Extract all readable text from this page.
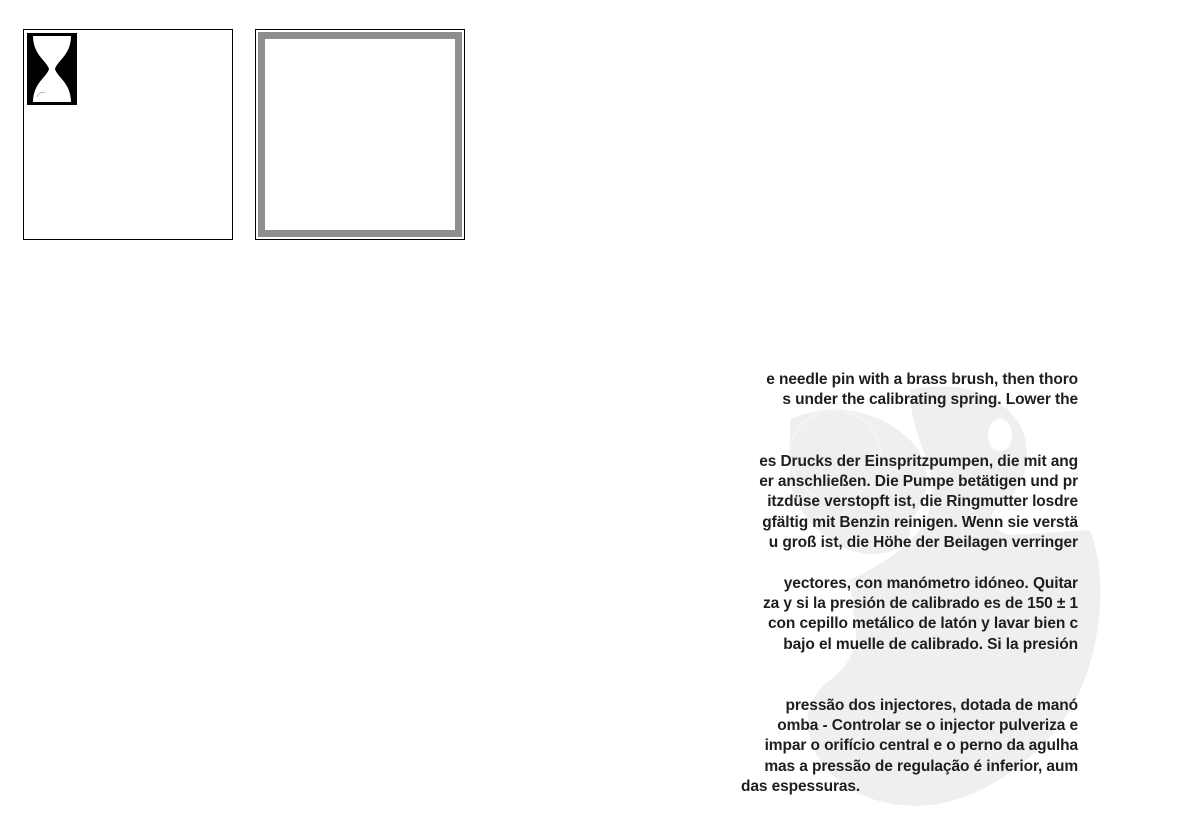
e needle pin with a brass brush, then thoro
s under the calibrating spring. Lower the
es Drucks der Einspritzpumpen, die mit ang
er anschließen. Die Pumpe betätigen und pr
itzdüse verstopft ist, die Ringmutter losdre
gfältig mit Benzin reinigen. Wenn sie verstä
u groß ist, die Höhe der Beilagen verringer
yectores, con manómetro idóneo. Quitar
za y si la presión de calibrado es de 150 ± 1
con cepillo metálico de latón y lavar bien c
bajo el muelle de calibrado. Si la presión
pressão dos injectores, dotada de manó
omba - Controlar se o injector pulveriza e
impar o orifício central e o perno da agulha
mas a pressão de regulação é inferior, aum
das espessuras.
